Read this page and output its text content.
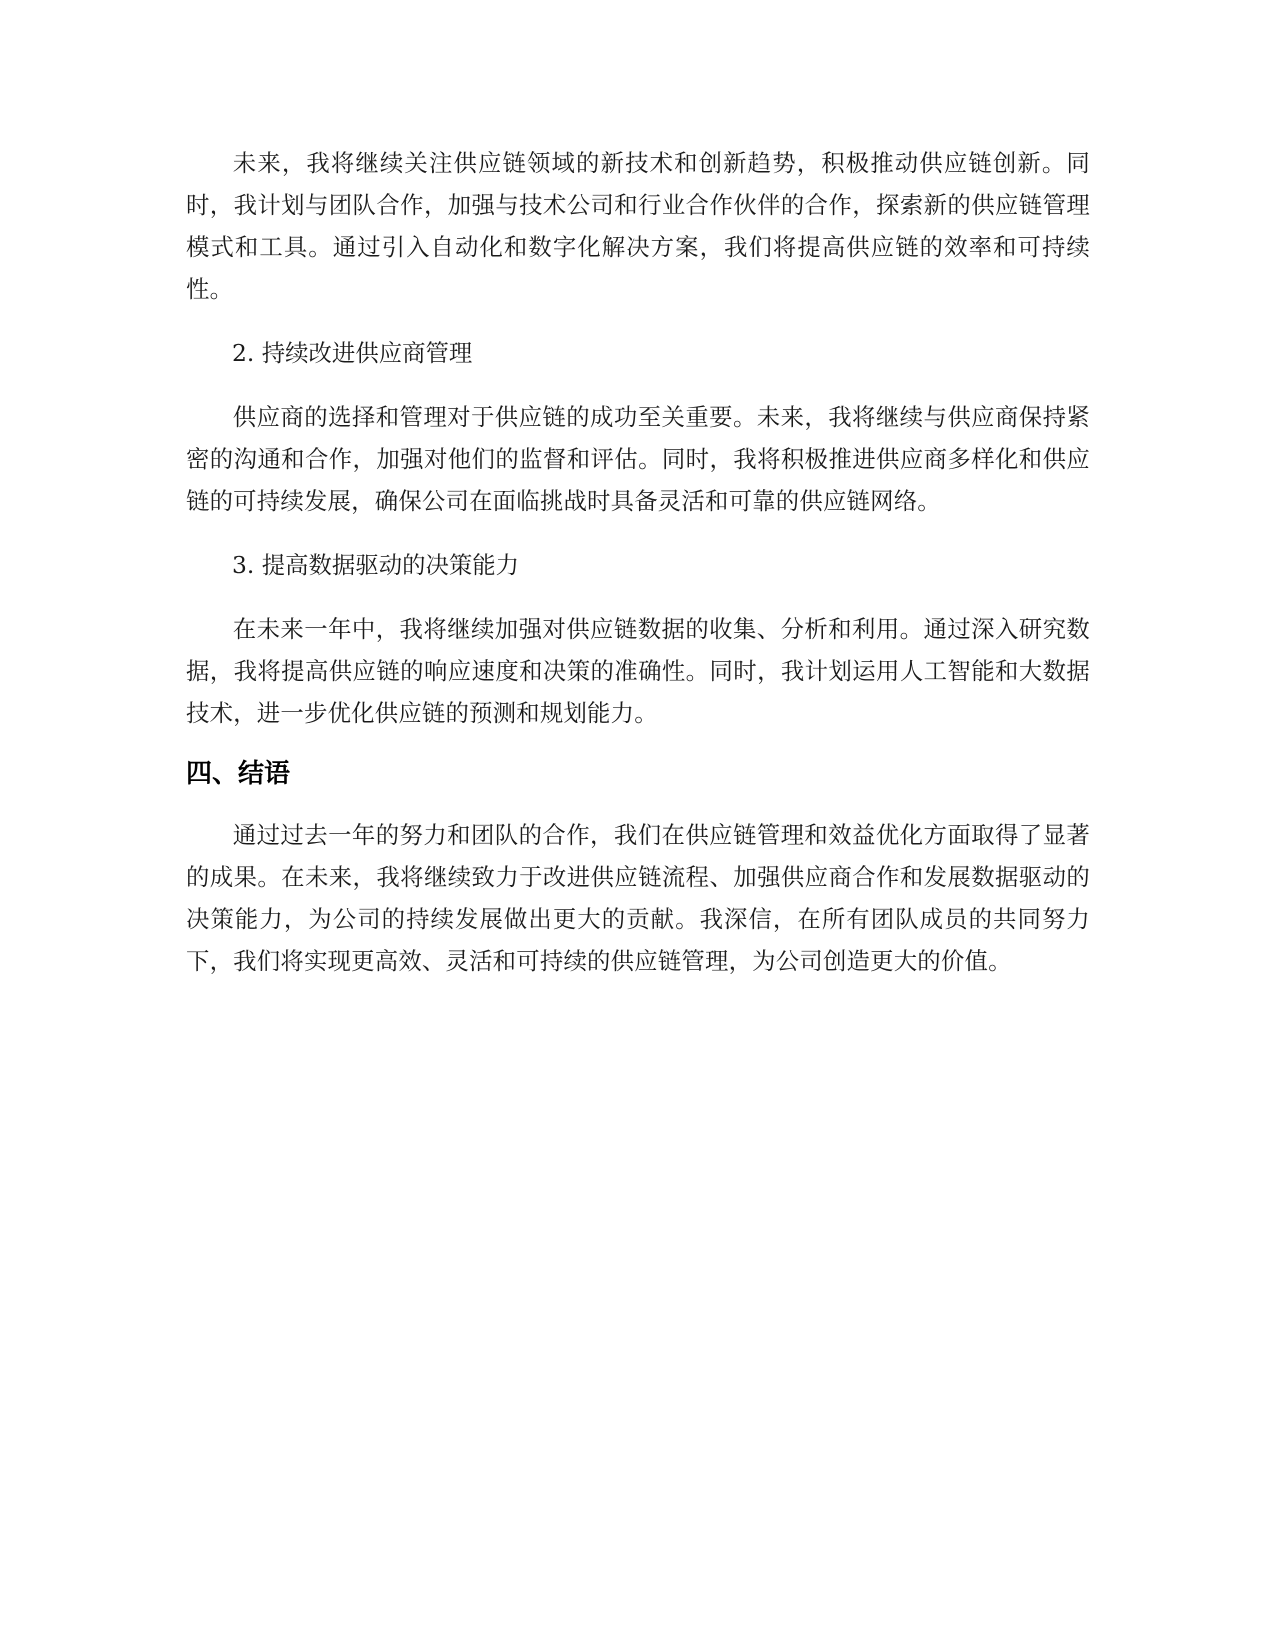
未来，我将继续关注供应链领域的新技术和创新趋势，积极推动供应链创新。同时，我计划与团队合作，加强与技术公司和行业合作伙伴的合作，探索新的供应链管理模式和工具。通过引入自动化和数字化解决方案，我们将提高供应链的效率和可持续性。

2. 持续改进供应商管理

供应商的选择和管理对于供应链的成功至关重要。未来，我将继续与供应商保持紧密的沟通和合作，加强对他们的监督和评估。同时，我将积极推进供应商多样化和供应链的可持续发展，确保公司在面临挑战时具备灵活和可靠的供应链网络。

3. 提高数据驱动的决策能力

在未来一年中，我将继续加强对供应链数据的收集、分析和利用。通过深入研究数据，我将提高供应链的响应速度和决策的准确性。同时，我计划运用人工智能和大数据技术，进一步优化供应链的预测和规划能力。

四、结语

通过过去一年的努力和团队的合作，我们在供应链管理和效益优化方面取得了显著的成果。在未来，我将继续致力于改进供应链流程、加强供应商合作和发展数据驱动的决策能力，为公司的持续发展做出更大的贡献。我深信，在所有团队成员的共同努力下，我们将实现更高效、灵活和可持续的供应链管理，为公司创造更大的价值。
